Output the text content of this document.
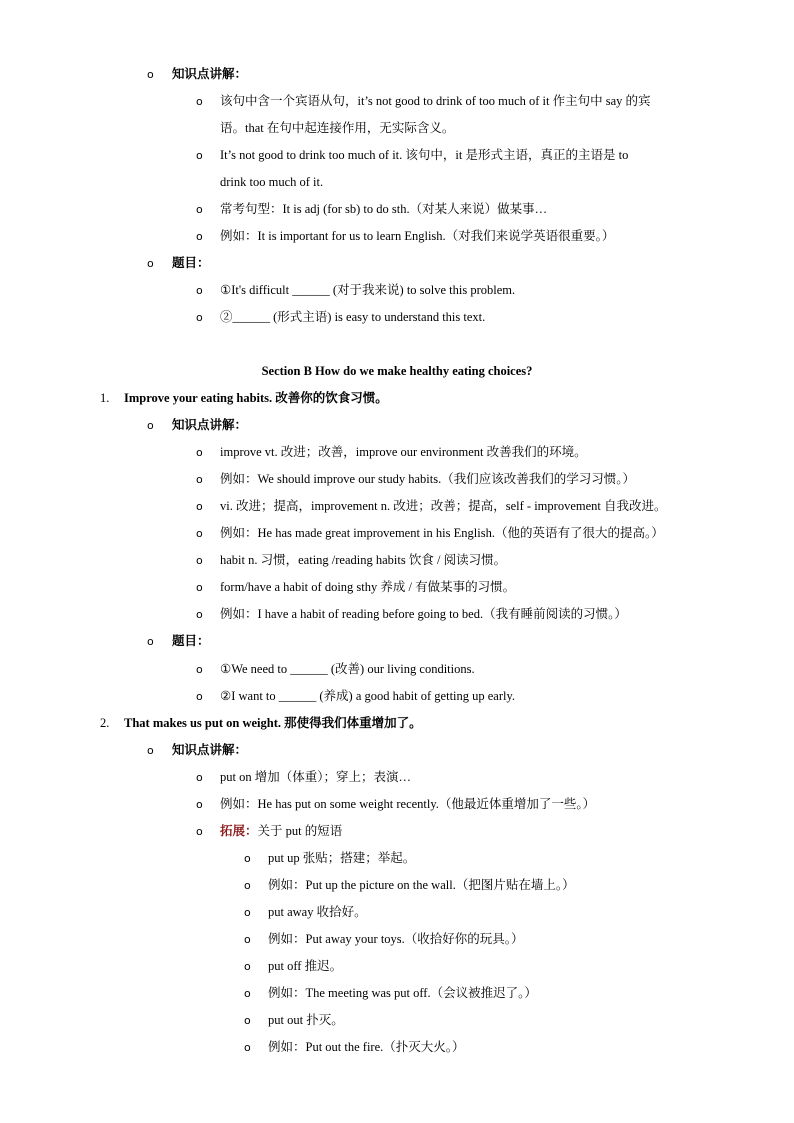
o 知识点讲解：
o 该句中含一个宾语从句，it’s not good to drink of too much of it 作主句中 say 的宾
语。that 在句中起连接作用，无实际含义。
o It’s not good to drink too much of it. 该句中，it 是形式主语，真正的主语是 to
drink too much of it.
o 常考句型：It is adj (for sb) to do sth.（对某人来说）做某事…
o 例如：It is important for us to learn English.（对我们来说学英语很重要。）
o 题目：
o ①It's difficult ______ (对于我来说) to solve this problem.
o ②______ (形式主语) is easy to understand this text.
Section B How do we make healthy eating choices?
1. Improve your eating habits. 改善你的饮食习惯。
o 知识点讲解：
o improve vt. 改进；改善，improve our environment 改善我们的环境。
o 例如：We should improve our study habits.（我们应该改善我们的学习习惯。）
o vi. 改进；提高，improvement n. 改进；改善；提高，self - improvement 自我改进。
o 例如：He has made great improvement in his English.（他的英语有了很大的提高。）
o habit n. 习惯，eating /reading habits 饮食 / 阅读习惯。
o form/have a habit of doing sthy 养成 / 有做某事的习惯。
o 例如：I have a habit of reading before going to bed.（我有睡前阅读的习惯。）
o 题目：
o ①We need to ______ (改善) our living conditions.
o ②I want to ______ (养成) a good habit of getting up early.
2. That makes us put on weight. 那使得我们体重增加了。
o 知识点讲解：
o put on 增加（体重）；穿上；表演…
o 例如：He has put on some weight recently.（他最近体重增加了一些。）
o 拓展：关于 put 的短语
o put up 张贴；搭建；举起。
o 例如：Put up the picture on the wall.（把图片贴在墙上。）
o put away 收拾好。
o 例如：Put away your toys.（收拾好你的玩具。）
o put off 推迟。
o 例如：The meeting was put off.（会议被推迟了。）
o put out 扑灭。
o 例如：Put out the fire.（扑灭大火。）
